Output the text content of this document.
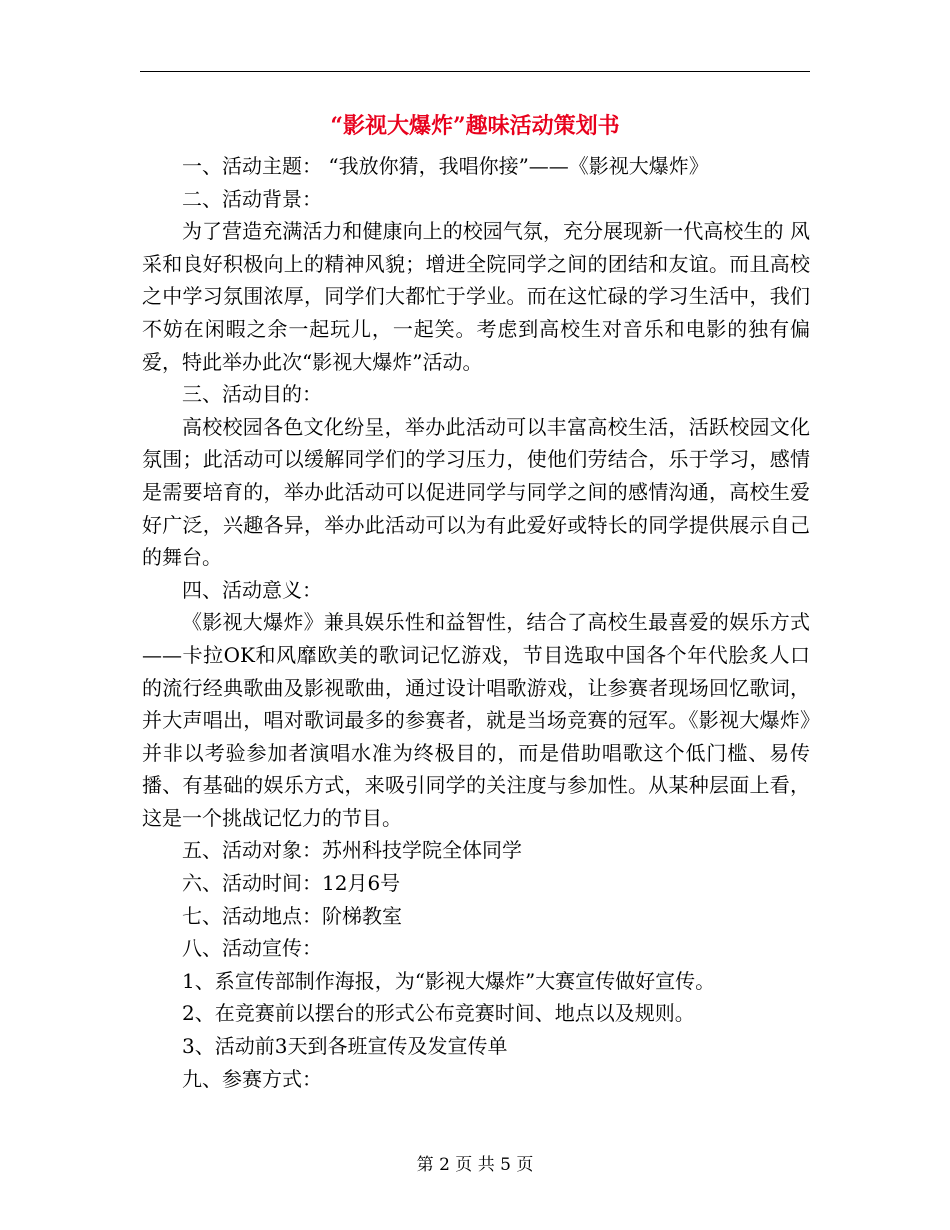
“影视大爆炸”趣味活动策划书

一、活动主题： “我放你猜，我唱你接”——《影视大爆炸》

二、活动背景：

为了营造充满活力和健康向上的校园气氛，充分展现新一代高校生的 风采和良好积极向上的精神风貌；增进全院同学之间的团结和友谊。而且高校之中学习氛围浓厚，同学们大都忙于学业。而在这忙碌的学习生活中，我们不妨在闲暇之余一起玩儿，一起笑。考虑到高校生对音乐和电影的独有偏爱，特此举办此次“影视大爆炸”活动。

三、活动目的：

高校校园各色文化纷呈，举办此活动可以丰富高校生活，活跃校园文化氛围；此活动可以缓解同学们的学习压力，使他们劳结合，乐于学习，感情是需要培育的，举办此活动可以促进同学与同学之间的感情沟通，高校生爱好广泛，兴趣各异，举办此活动可以为有此爱好或特长的同学提供展示自己的舞台。

四、活动意义：

《影视大爆炸》兼具娱乐性和益智性，结合了高校生最喜爱的娱乐方式——卡拉OK和风靡欧美的歌词记忆游戏，节目选取中国各个年代脍炙人口的流行经典歌曲及影视歌曲，通过设计唱歌游戏，让参赛者现场回忆歌词，并大声唱出，唱对歌词最多的参赛者，就是当场竞赛的冠军。《影视大爆炸》并非以考验参加者演唱水准为终极目的，而是借助唱歌这个低门槛、易传播、有基础的娱乐方式，来吸引同学的关注度与参加性。从某种层面上看，这是一个挑战记忆力的节目。

五、活动对象：苏州科技学院全体同学

六、活动时间：12月6号

七、活动地点：阶梯教室

八、活动宣传：

1、系宣传部制作海报，为“影视大爆炸”大赛宣传做好宣传。

2、在竞赛前以摆台的形式公布竞赛时间、地点以及规则。

3、活动前3天到各班宣传及发宣传单

九、参赛方式：

第 2 页 共 5 页
